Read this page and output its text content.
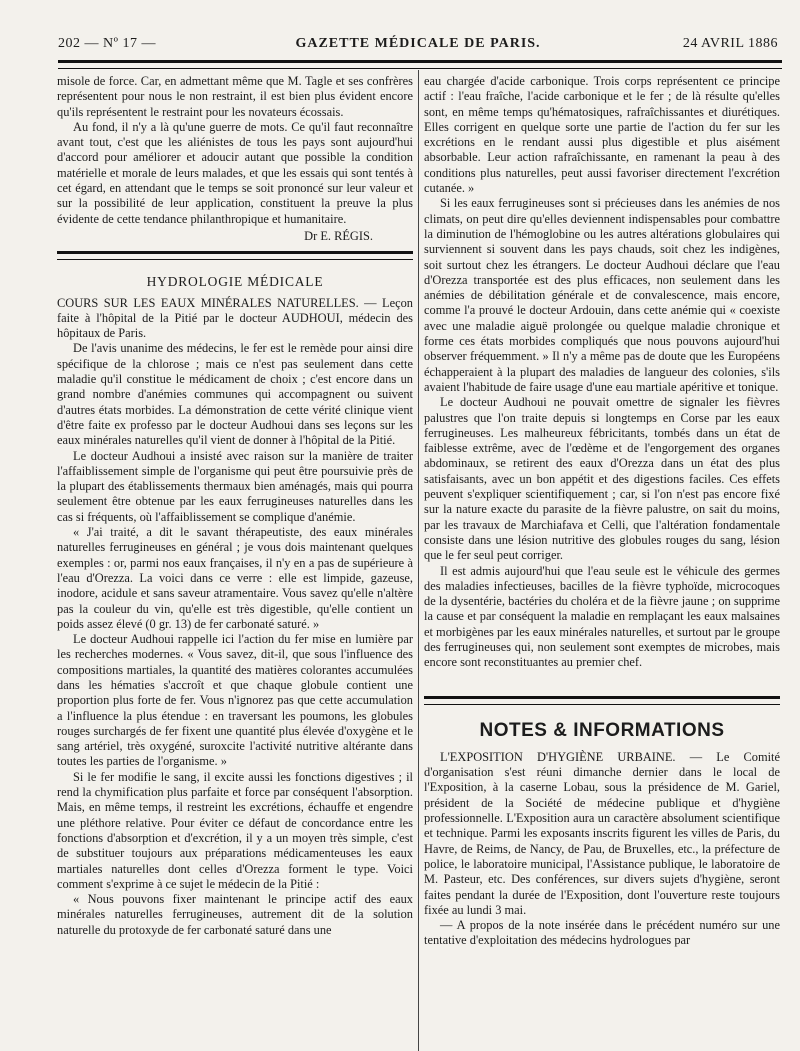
202 — Nº 17 —	GAZETTE MÉDICALE DE PARIS.	24 AVRIL 1886

misole de force. Car, en admettant même que M. Tagle et ses confrères représentent pour nous le non restraint, il est bien plus évident encore qu'ils représentent le restraint pour les novateurs écossais.

Au fond, il n'y a là qu'une guerre de mots. Ce qu'il faut reconnaître avant tout, c'est que les aliénistes de tous les pays sont aujourd'hui d'accord pour améliorer et adoucir autant que possible la condition matérielle et morale de leurs malades, et que les essais qui sont tentés à cet égard, en attendant que le temps se soit prononcé sur leur valeur et sur la possibilité de leur application, constituent la preuve la plus évidente de cette tendance philanthropique et humanitaire.

Dr E. RÉGIS.
HYDROLOGIE MÉDICALE

COURS SUR LES EAUX MINÉRALES NATURELLES. — Leçon faite à l'hôpital de la Pitié par le docteur AUDHOUI, médecin des hôpitaux de Paris.

De l'avis unanime des médecins, le fer est le remède pour ainsi dire spécifique de la chlorose ; mais ce n'est pas seulement dans cette maladie qu'il constitue le médicament de choix ; c'est encore dans un grand nombre d'anémies communes qui accompagnent ou suivent d'autres états morbides. La démonstration de cette vérité clinique vient d'être faite ex professo par le docteur Audhoui dans ses leçons sur les eaux minérales naturelles qu'il vient de donner à l'hôpital de la Pitié.

Le docteur Audhoui a insisté avec raison sur la manière de traiter l'affaiblissement simple de l'organisme qui peut être poursuivie près de la plupart des établissements thermaux bien aménagés, mais qui pourra seulement être obtenue par les eaux ferrugineuses naturelles dans les cas si fréquents, où l'affaiblissement se complique d'anémie.

« J'ai traité, a dit le savant thérapeutiste, des eaux minérales naturelles ferrugineuses en général ; je vous dois maintenant quelques exemples : or, parmi nos eaux françaises, il n'y en a pas de supérieure à l'eau d'Orezza. La voici dans ce verre : elle est limpide, gazeuse, inodore, acidule et sans saveur atramentaire. Vous savez qu'elle n'altère pas la couleur du vin, qu'elle est très digestible, qu'elle contient un poids assez élevé (0 gr. 13) de fer carbonaté saturé. »

Le docteur Audhoui rappelle ici l'action du fer mise en lumière par les recherches modernes. « Vous savez, dit-il, que sous l'influence des compositions martiales, la quantité des matières colorantes accumulées dans les hématies s'accroît et que chaque globule contient une proportion plus forte de fer. Vous n'ignorez pas que cette accumulation a l'influence la plus étendue : en traversant les poumons, les globules rouges surchargés de fer fixent une quantité plus élevée d'oxygène et le sang artériel, très oxygéné, suroxcite l'activité nutritive altérante dans toutes les parties de l'organisme. »

Si le fer modifie le sang, il excite aussi les fonctions digestives ; il rend la chymification plus parfaite et force par conséquent l'absorption. Mais, en même temps, il restreint les excrétions, échauffe et engendre une pléthore relative. Pour éviter ce défaut de concordance entre les fonctions d'absorption et d'excrétion, il y a un moyen très simple, c'est de substituer toujours aux préparations médicamenteuses les eaux martiales naturelles dont celles d'Orezza forment le type. Voici comment s'exprime à ce sujet le médecin de la Pitié :

« Nous pouvons fixer maintenant le principe actif des eaux minérales naturelles ferrugineuses, autrement dit de la solution naturelle du protoxyde de fer carbonaté saturé dans une

eau chargée d'acide carbonique. Trois corps représentent ce principe actif : l'eau fraîche, l'acide carbonique et le fer ; de là résulte qu'elles sont, en même temps qu'hématosiques, rafraîchissantes et diurétiques. Elles corrigent en quelque sorte une partie de l'action du fer sur les excrétions en le rendant aussi plus digestible et plus aisément absorbable. Leur action rafraîchissante, en ramenant la peau à des conditions plus naturelles, peut aussi favoriser directement l'excrétion cutanée. »

Si les eaux ferrugineuses sont si précieuses dans les anémies de nos climats, on peut dire qu'elles deviennent indispensables pour combattre la diminution de l'hémoglobine ou les autres altérations globulaires qui surviennent si souvent dans les pays chauds, soit chez les indigènes, soit surtout chez les étrangers. Le docteur Audhoui déclare que l'eau d'Orezza transportée est des plus efficaces, non seulement dans les anémies de débilitation générale et de convalescence, mais encore, comme l'a prouvé le docteur Ardouin, dans cette anémie qui « coexiste avec une maladie aiguë prolongée ou quelque maladie chronique et forme ces états morbides compliqués que nous pouvons aujourd'hui observer fréquemment. » Il n'y a même pas de doute que les Européens échapperaient à la plupart des maladies de langueur des colonies, s'ils avaient l'habitude de faire usage d'une eau martiale apéritive et tonique.

Le docteur Audhoui ne pouvait omettre de signaler les fièvres palustres que l'on traite depuis si longtemps en Corse par les eaux ferrugineuses. Les malheureux fébricitants, tombés dans un état de faiblesse extrême, avec de l'œdème et de l'engorgement des organes abdominaux, se retirent des eaux d'Orezza dans un état des plus satisfaisants, avec un bon appétit et des digestions faciles. Ces effets peuvent s'expliquer scientifiquement ; car, si l'on n'est pas encore fixé sur la nature exacte du parasite de la fièvre palustre, on sait du moins, par les travaux de Marchiafava et Celli, que l'altération fondamentale consiste dans une lésion nutritive des globules rouges du sang, lésion que le fer seul peut corriger.

Il est admis aujourd'hui que l'eau seule est le véhicule des germes des maladies infectieuses, bacilles de la fièvre typhoïde, microcoques de la dysentérie, bactéries du choléra et de la fièvre jaune ; on supprime la cause et par conséquent la maladie en remplaçant les eaux malsaines et morbigènes par les eaux minérales naturelles, et surtout par le groupe des ferrugineuses qui, non seulement sont exemptes de microbes, mais encore sont reconstituantes au premier chef.

NOTES & INFORMATIONS

L'EXPOSITION D'HYGIÈNE URBAINE. — Le Comité d'organisation s'est réuni dimanche dernier dans le local de l'Exposition, à la caserne Lobau, sous la présidence de M. Gariel, président de la Société de médecine publique et d'hygiène professionnelle. L'Exposition aura un caractère absolument scientifique et technique. Parmi les exposants inscrits figurent les villes de Paris, du Havre, de Reims, de Nancy, de Pau, de Bruxelles, etc., la préfecture de police, le laboratoire municipal, l'Assistance publique, le laboratoire de M. Pasteur, etc. Des conférences, sur divers sujets d'hygiène, seront faites pendant la durée de l'Exposition, dont l'ouverture reste toujours fixée au lundi 3 mai.

— A propos de la note insérée dans le précédent numéro sur une tentative d'exploitation des médecins hydrologues par
